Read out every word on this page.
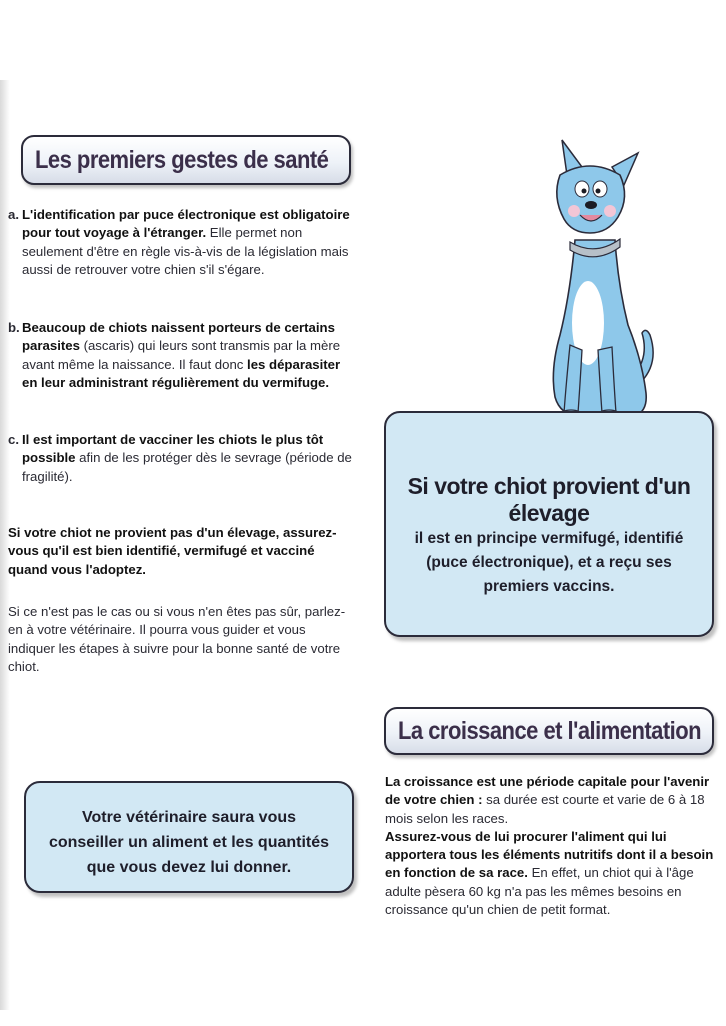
Les premiers gestes de santé
a. L'identification par puce électronique est obligatoire pour tout voyage à l'étranger. Elle permet non seulement d'être en règle vis-à-vis de la législation mais aussi de retrouver votre chien s'il s'égare.
b. Beaucoup de chiots naissent porteurs de certains parasites (ascaris) qui leurs sont transmis par la mère avant même la naissance. Il faut donc les déparasiter en leur administrant régulièrement du vermifuge.
c. Il est important de vacciner les chiots le plus tôt possible afin de les protéger dès le sevrage (période de fragilité).
Si votre chiot ne provient pas d'un élevage, assurez-vous qu'il est bien identifié, vermifugé et vacciné quand vous l'adoptez.
Si ce n'est pas le cas ou si vous n'en êtes pas sûr, parlez-en à votre vétérinaire. Il pourra vous guider et vous indiquer les étapes à suivre pour la bonne santé de votre chiot.
Si votre chiot provient d'un élevage
il est en principe vermifugé, identifié (puce électronique), et a reçu ses premiers vaccins.
La croissance et l'alimentation
La croissance est une période capitale pour l'avenir de votre chien : sa durée est courte et varie de 6 à 18 mois selon les races.
Assurez-vous de lui procurer l'aliment qui lui apportera tous les éléments nutritifs dont il a besoin en fonction de sa race. En effet, un chiot qui à l'âge adulte pèsera 60 kg n'a pas les mêmes besoins en croissance qu'un chien de petit format.

Votre vétérinaire saura vous

conseiller un aliment et les quantités

que vous devez lui donner.
